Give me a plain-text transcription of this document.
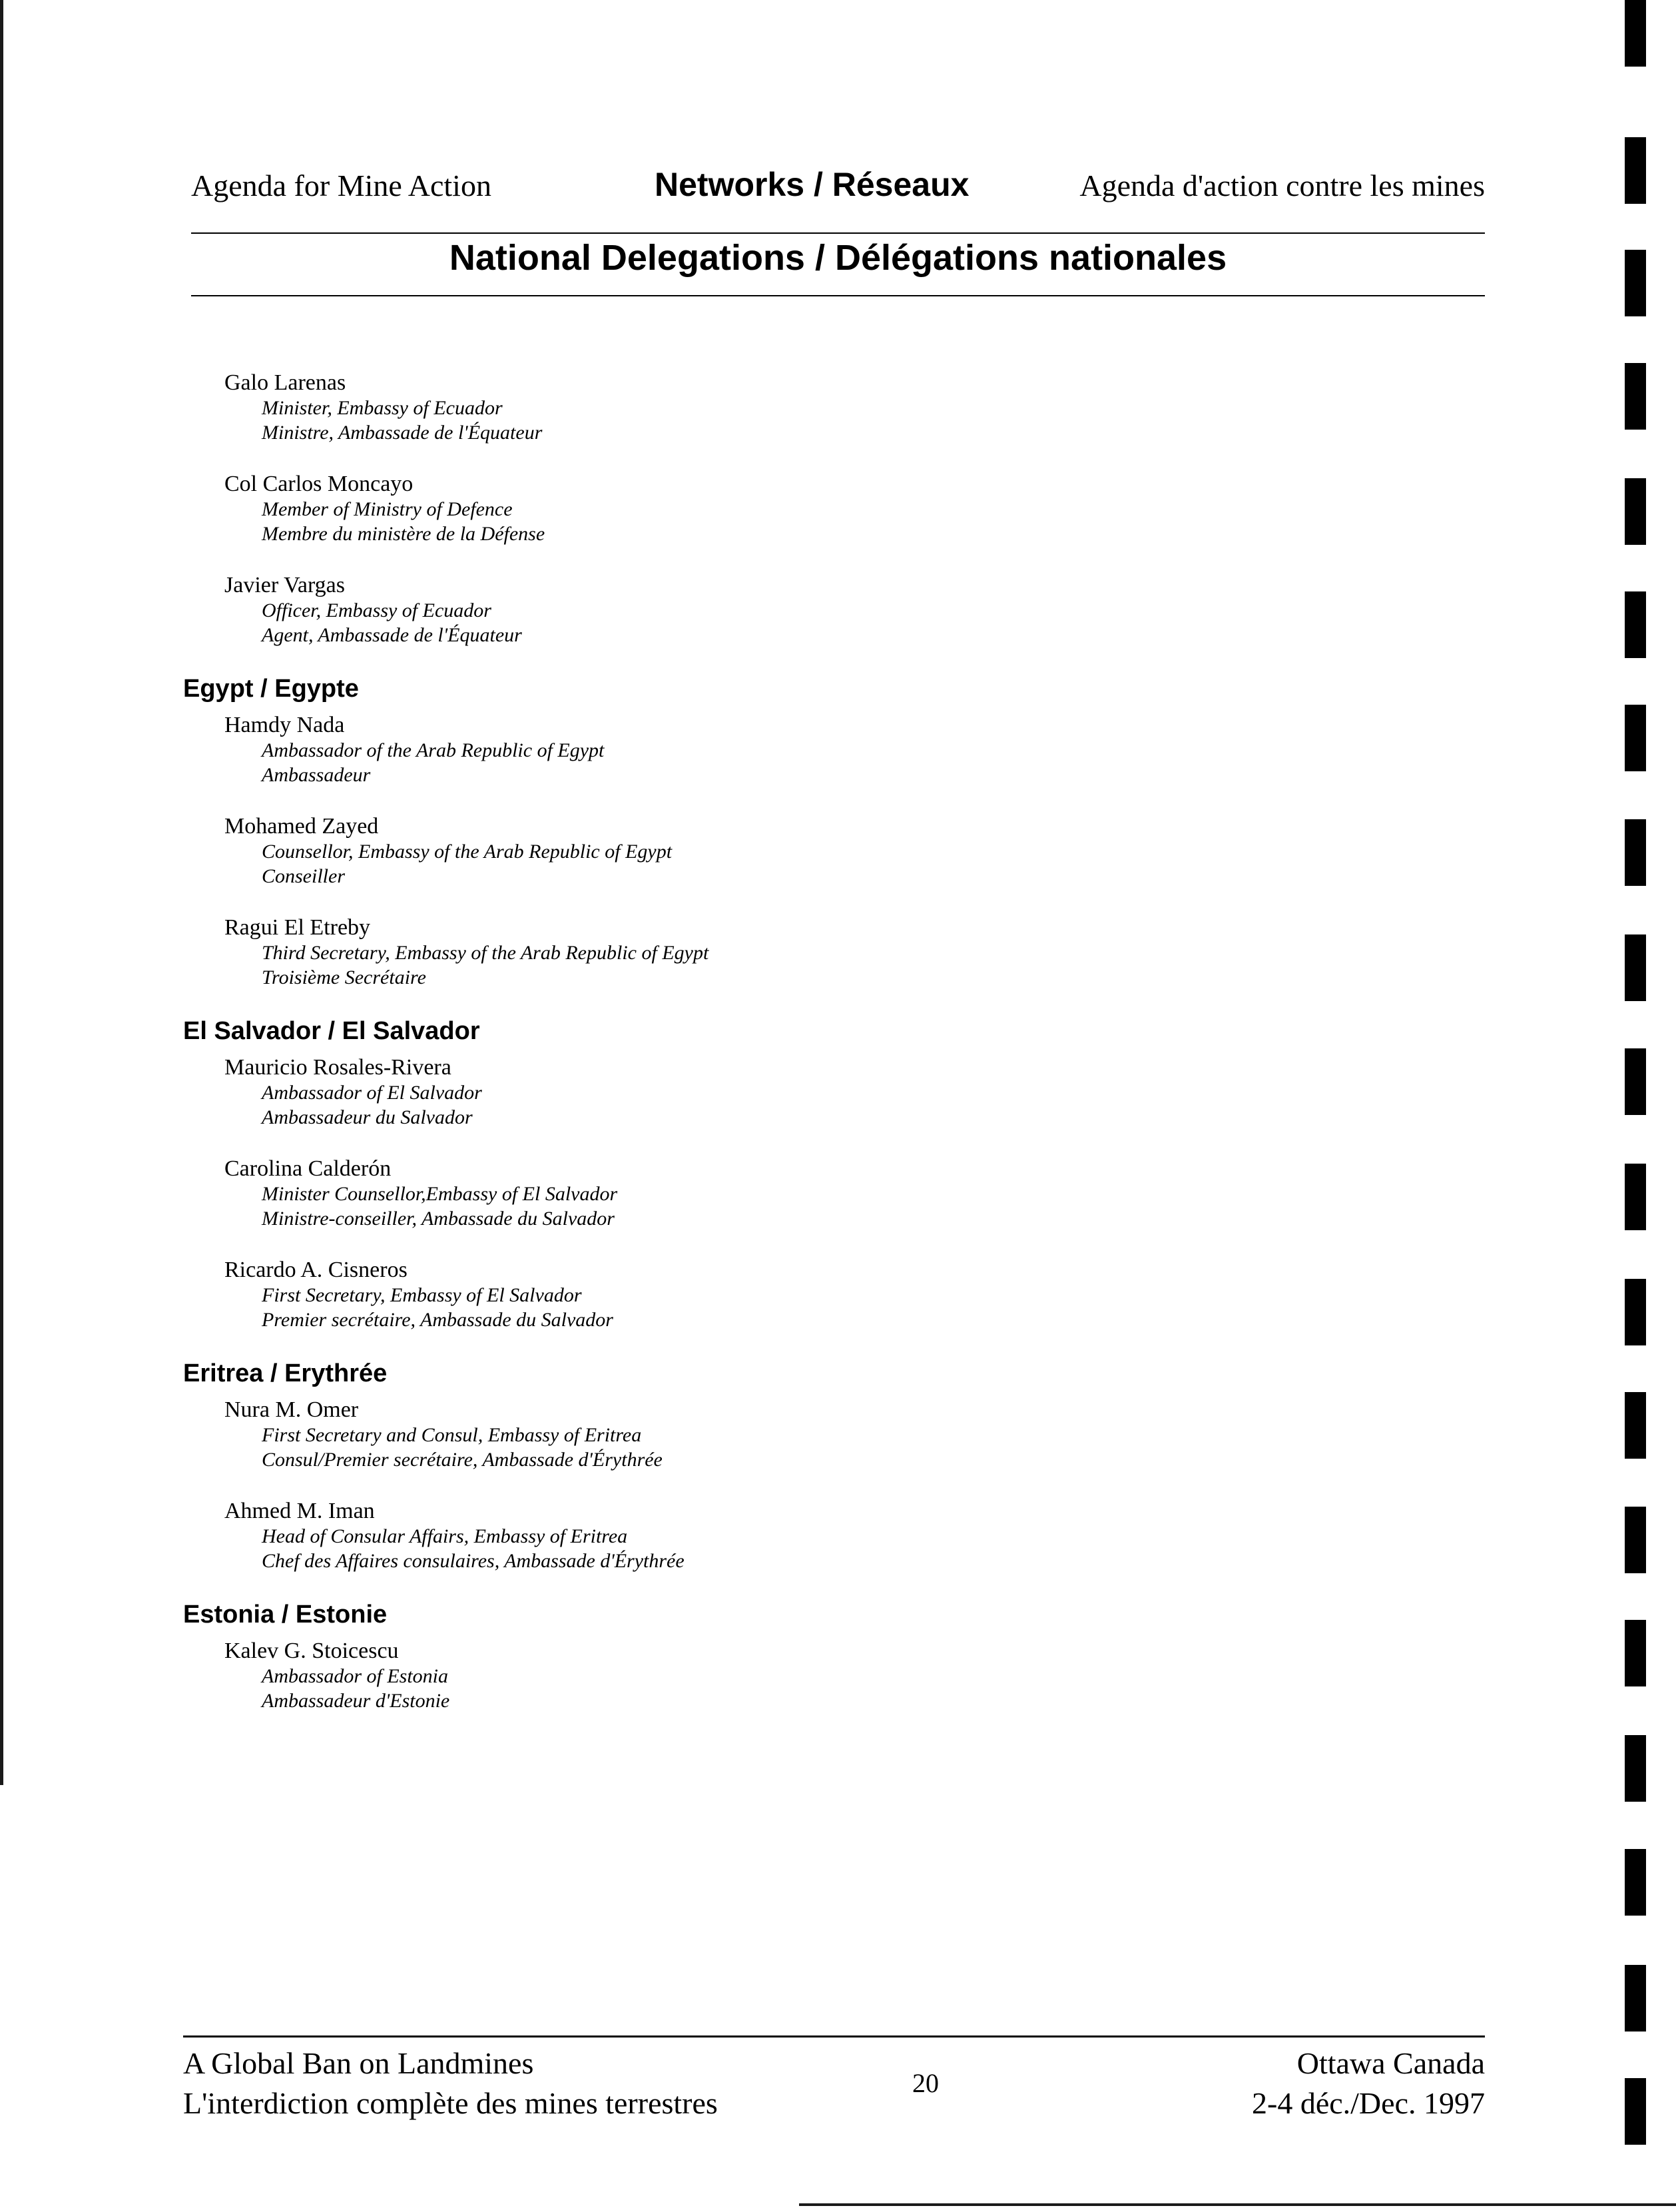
Agenda for Mine Action	Networks / Réseaux	Agenda d'action contre les mines
National Delegations / Délégations nationales
Galo Larenas
Minister, Embassy of Ecuador
Ministre, Ambassade de l'Équateur
Col Carlos Moncayo
Member of Ministry of Defence
Membre du ministère de la Défense
Javier Vargas
Officer, Embassy of Ecuador
Agent, Ambassade de l'Équateur
Egypt / Egypte
Hamdy Nada
Ambassador of the Arab Republic of Egypt
Ambassadeur
Mohamed Zayed
Counsellor, Embassy of the Arab Republic of Egypt
Conseiller
Ragui El Etreby
Third Secretary, Embassy of the Arab Republic of Egypt
Troisième Secrétaire
El Salvador / El Salvador
Mauricio Rosales-Rivera
Ambassador of El Salvador
Ambassadeur du Salvador
Carolina Calderón
Minister Counsellor,Embassy of El Salvador
Ministre-conseiller, Ambassade du Salvador
Ricardo A. Cisneros
First Secretary, Embassy of El Salvador
Premier secrétaire, Ambassade du Salvador
Eritrea / Erythrée
Nura M. Omer
First Secretary and Consul, Embassy of Eritrea
Consul/Premier secrétaire, Ambassade d'Érythrée
Ahmed M. Iman
Head of Consular Affairs, Embassy of Eritrea
Chef des Affaires consulaires, Ambassade d'Érythrée
Estonia / Estonie
Kalev G. Stoicescu
Ambassador of Estonia
Ambassadeur d'Estonie
A Global Ban on Landmines
L'interdiction complète des mines terrestres
20
Ottawa Canada
2-4 déc./Dec. 1997
